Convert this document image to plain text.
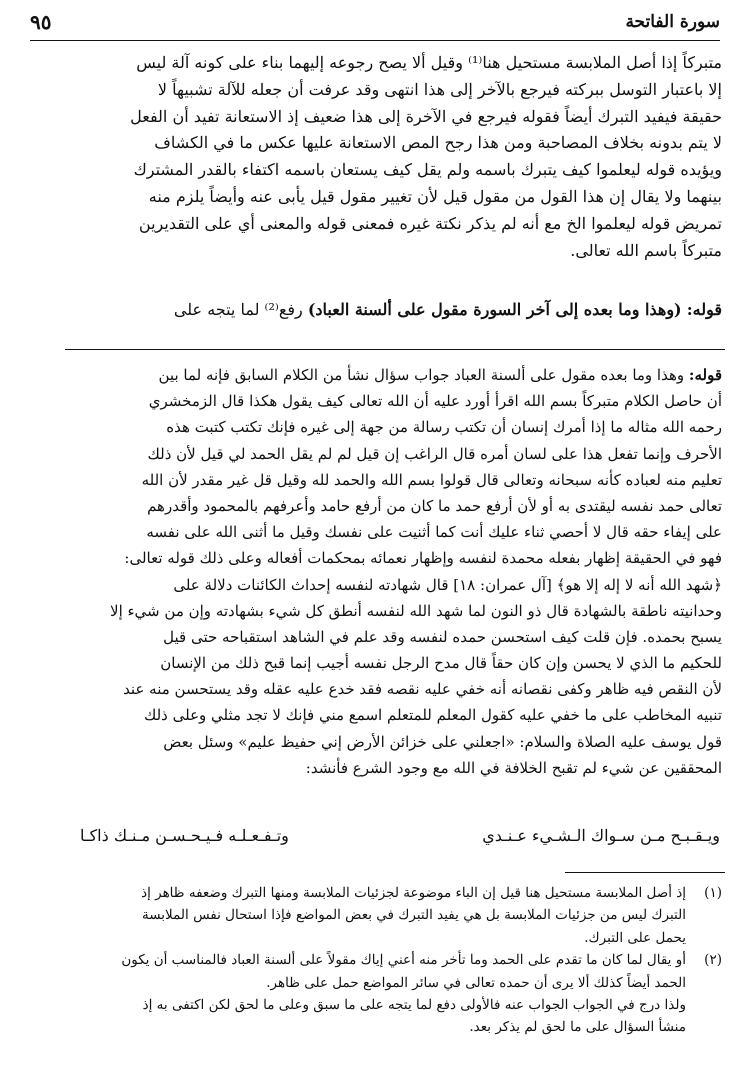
سورة الفاتحة
٩٥
متبركاً إذا أصل الملابسة مستحيل هنا⁽¹⁾ وقيل ألا يصح رجوعه إليهما بناء على كونه آلة ليس
إلا باعتبار التوسل ببركته فيرجع بالآخر إلى هذا انتهى وقد عرفت أن جعله للآلة تشبيهاً لا
حقيقة فيفيد التبرك أيضاً فقوله فيرجع في الآخرة إلى هذا ضعيف إذ الاستعانة تفيد أن الفعل
لا يتم بدونه بخلاف المصاحبة ومن هذا رجح المص الاستعانة عليها عكس ما في الكشاف
ويؤيده قوله ليعلموا كيف يتبرك باسمه ولم يقل كيف يستعان باسمه اكتفاء بالقدر المشترك
بينهما ولا يقال إن هذا القول من مقول قيل لأن تغيير مقول قيل يأبى عنه وأيضاً يلزم منه
تمريض قوله ليعلموا الخ مع أنه لم يذكر نكتة غيره فمعنى قوله والمعنى أي على التقديرين
متبركاً باسم الله تعالى.
قوله: (وهذا وما بعده إلى آخر السورة مقول على ألسنة العباد) رفع⁽²⁾ لما يتجه على
قوله: وهذا وما بعده مقول على ألسنة العباد جواب سؤال نشأ من الكلام السابق فإنه لما بين
أن حاصل الكلام متبركاً بسم الله اقرأ أورد عليه أن الله تعالى كيف يقول هكذا قال الزمخشري
رحمه الله مثاله ما إذا أمرك إنسان أن تكتب رسالة من جهة إلى غيره فإنك تكتب كتبت هذه
الأحرف وإنما تفعل هذا على لسان أمره قال الراغب إن قيل لم لم يقل الحمد لي قيل لأن ذلك
تعليم منه لعباده كأنه سبحانه وتعالى قال قولوا بسم الله والحمد لله وقيل قل غير مقدر لأن الله
تعالى حمد نفسه ليقتدى به أو لأن أرفع حمد ما كان من أرفع حامد وأعرفهم بالمحمود وأقدرهم
على إيفاء حقه قال لا أحصي ثناء عليك أنت كما أثنيت على نفسك وقيل ما أثنى الله على نفسه
فهو في الحقيقة إظهار بفعله محمدة لنفسه وإظهار نعمائه بمحكمات أفعاله وعلى ذلك قوله تعالى:
﴿شهد الله أنه لا إله إلا هو﴾ [آل عمران: ١٨] قال شهادته لنفسه إحداث الكائنات دلالة على
وحدانيته ناطقة بالشهادة قال ذو النون لما شهد الله لنفسه أنطق كل شيء بشهادته وإن من شيء إلا
يسبح بحمده. فإن قلت كيف استحسن حمده لنفسه وقد علم في الشاهد استقباحه حتى قيل
للحكيم ما الذي لا يحسن وإن كان حقاً قال مدح الرجل نفسه أجيب إنما قبح ذلك من الإنسان
لأن النقص فيه ظاهر وكفى نقصانه أنه خفي عليه نقصه فقد خدع عليه عقله وقد يستحسن منه عند
تنبيه المخاطب على ما خفي عليه كقول المعلم للمتعلم اسمع مني فإنك لا تجد مثلي وعلى ذلك
قول يوسف عليه الصلاة والسلام: «اجعلني على خزائن الأرض إني حفيظ عليم» وسئل بعض
المحققين عن شيء لم تقبح الخلافة في الله مع وجود الشرع فأنشد:
ويـقـبـح مـن سـواك الـشـيء عـنـدي
وتـفـعـلـه فـيـحـسـن مـنـك ذاكـا
(١)إذ أصل الملابسة مستحيل هنا قيل إن الباء موضوعة لجزئيات الملابسة ومنها التبرك وضعفه ظاهر إذ
التبرك ليس من جزئيات الملابسة بل هي يفيد التبرك في بعض المواضع فإذا استحال نفس الملابسة
يحمل على التبرك.
(٢)أو يقال لما كان ما تقدم على الحمد وما تأخر منه أعني إياك مقولاً على ألسنة العباد فالمناسب أن يكون
الحمد أيضاً كذلك ألا يرى أن حمده تعالى في سائر المواضع حمل على ظاهر.
ولذا درج في الجواب الجواب عنه فالأولى دفع لما يتجه على ما سبق وعلى ما لحق لكن اكتفى به إذ
منشأ السؤال على ما لحق لم يذكر بعد.
